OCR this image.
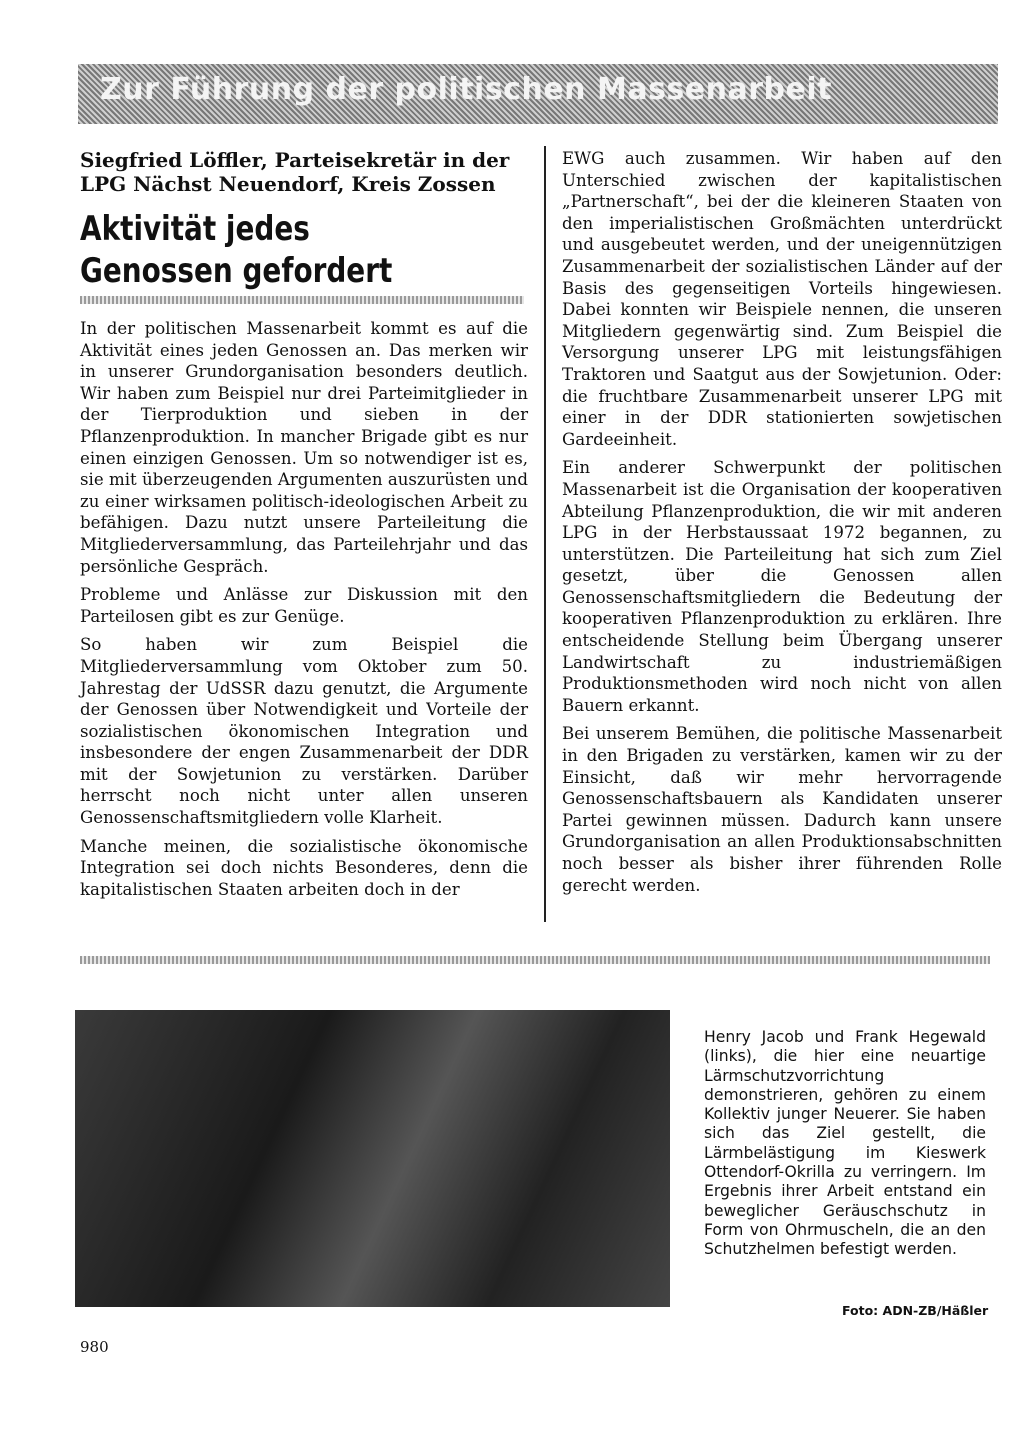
Zur Führung der politischen Massenarbeit
Siegfried Löffler, Parteisekretär in der LPG Nächst Neuendorf, Kreis Zossen
Aktivität jedes
Genossen gefordert

In der politischen Massenarbeit kommt es auf die Aktivität eines jeden Genossen an. Das merken wir in unserer Grundorganisation besonders deutlich. Wir haben zum Beispiel nur drei Parteimitglieder in der Tierproduktion und sieben in der Pflanzenproduktion. In mancher Brigade gibt es nur einen einzigen Genossen. Um so notwendiger ist es, sie mit überzeugenden Argumenten auszurüsten und zu einer wirksamen politisch-ideologischen Arbeit zu befähigen. Dazu nutzt unsere Parteileitung die Mitgliederversammlung, das Parteilehrjahr und das persönliche Gespräch.

Probleme und Anlässe zur Diskussion mit den Parteilosen gibt es zur Genüge.

So haben wir zum Beispiel die Mitgliederversammlung vom Oktober zum 50. Jahrestag der UdSSR dazu genutzt, die Argumente der Genossen über Notwendigkeit und Vorteile der sozialistischen ökonomischen Integration und insbesondere der engen Zusammenarbeit der DDR mit der Sowjetunion zu verstärken. Darüber herrscht noch nicht unter allen unseren Genossenschaftsmitgliedern volle Klarheit.

Manche meinen, die sozialistische ökonomische Integration sei doch nichts Besonderes, denn die kapitalistischen Staaten arbeiten doch in der

EWG auch zusammen. Wir haben auf den Unterschied zwischen der kapitalistischen „Partnerschaft“, bei der die kleineren Staaten von den imperialistischen Großmächten unterdrückt und ausgebeutet werden, und der uneigennützigen Zusammenarbeit der sozialistischen Länder auf der Basis des gegenseitigen Vorteils hingewiesen. Dabei konnten wir Beispiele nennen, die unseren Mitgliedern gegenwärtig sind. Zum Beispiel die Versorgung unserer LPG mit leistungsfähigen Traktoren und Saatgut aus der Sowjetunion. Oder: die fruchtbare Zusammenarbeit unserer LPG mit einer in der DDR stationierten sowjetischen Gardeeinheit.

Ein anderer Schwerpunkt der politischen Massenarbeit ist die Organisation der kooperativen Abteilung Pflanzenproduktion, die wir mit anderen LPG in der Herbstaussaat 1972 begannen, zu unterstützen. Die Parteileitung hat sich zum Ziel gesetzt, über die Genossen allen Genossenschaftsmitgliedern die Bedeutung der kooperativen Pflanzenproduktion zu erklären. Ihre entscheidende Stellung beim Übergang unserer Landwirtschaft zu industriemäßigen Produktionsmethoden wird noch nicht von allen Bauern erkannt.

Bei unserem Bemühen, die politische Massenarbeit in den Brigaden zu verstärken, kamen wir zu der Einsicht, daß wir mehr hervorragende Genossenschaftsbauern als Kandidaten unserer Partei gewinnen müssen. Dadurch kann unsere Grundorganisation an allen Produktionsabschnitten noch besser als bisher ihrer führenden Rolle gerecht werden.

Henry Jacob und Frank Hegewald (links), die hier eine neuartige Lärmschutzvorrichtung demonstrieren, gehören zu einem Kollektiv junger Neuerer. Sie haben sich das Ziel gestellt, die Lärmbelästigung im Kieswerk Ottendorf-Okrilla zu verringern. Im Ergebnis ihrer Arbeit entstand ein beweglicher Geräuschschutz in Form von Ohrmuscheln, die an den Schutzhelmen befestigt werden.
Foto: ADN-ZB/Häßler
980
